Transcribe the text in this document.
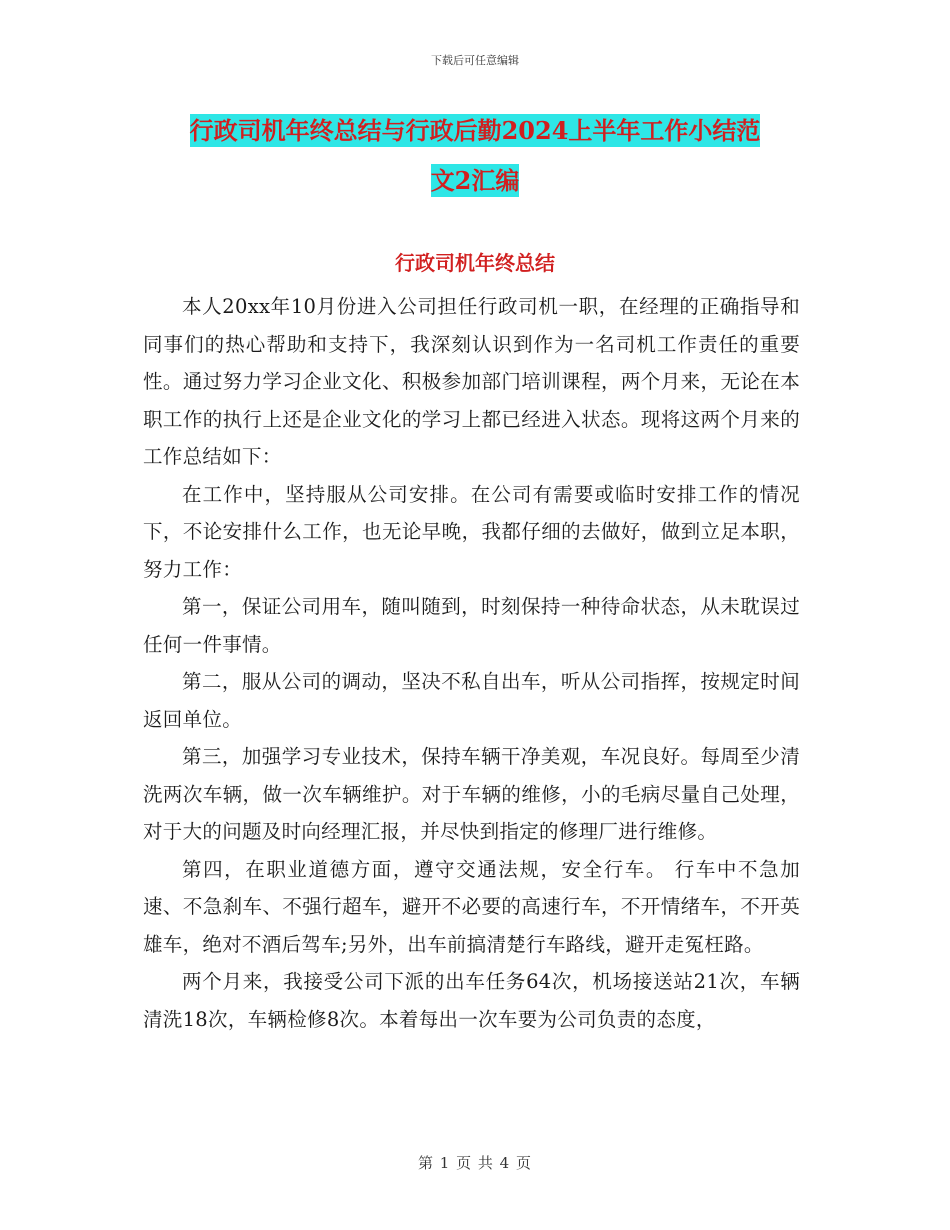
下载后可任意编辑
行政司机年终总结与行政后勤2024上半年工作小结范
文2汇编
行政司机年终总结

本人20xx年10月份进入公司担任行政司机一职，在经理的正确指导和同事们的热心帮助和支持下，我深刻认识到作为一名司机工作责任的重要性。通过努力学习企业文化、积极参加部门培训课程，两个月来，无论在本职工作的执行上还是企业文化的学习上都已经进入状态。现将这两个月来的工作总结如下：

在工作中，坚持服从公司安排。在公司有需要或临时安排工作的情况下，不论安排什么工作，也无论早晚，我都仔细的去做好，做到立足本职，努力工作：

第一，保证公司用车，随叫随到，时刻保持一种待命状态，从未耽误过任何一件事情。

第二，服从公司的调动，坚决不私自出车，听从公司指挥，按规定时间返回单位。

第三，加强学习专业技术，保持车辆干净美观，车况良好。每周至少清洗两次车辆，做一次车辆维护。对于车辆的维修，小的毛病尽量自己处理，对于大的问题及时向经理汇报，并尽快到指定的修理厂进行维修。

第四，在职业道德方面，遵守交通法规，安全行车。 行车中不急加速、不急刹车、不强行超车，避开不必要的高速行车，不开情绪车，不开英雄车，绝对不酒后驾车;另外，出车前搞清楚行车路线，避开走冤枉路。

两个月来，我接受公司下派的出车任务64次，机场接送站21次，车辆清洗18次，车辆检修8次。本着每出一次车要为公司负责的态度，

第 1 页 共 4 页
